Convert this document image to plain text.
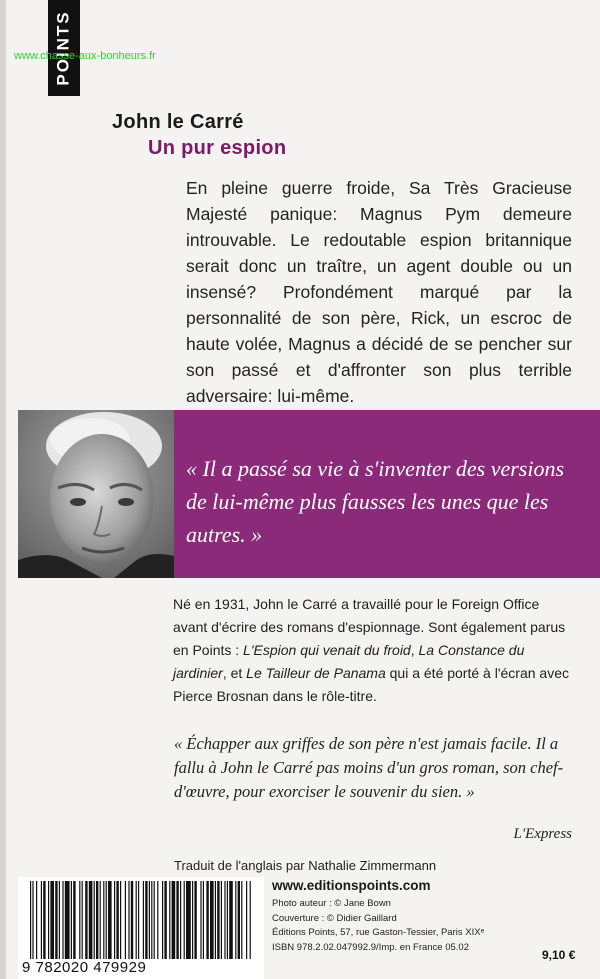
POINTS
www.chasse-aux-bonheurs.fr
John le Carré
Un pur espion

En pleine guerre froide, Sa Très Gracieuse Majesté panique: Magnus Pym demeure introuvable. Le redoutable espion britannique serait donc un traître, un agent double ou un insensé? Profondément marqué par la personnalité de son père, Rick, un escroc de haute volée, Magnus a décidé de se pencher sur son passé et d'affronter son plus terrible adversaire: lui-même.

« Il a passé sa vie à s'inventer des versions de lui-même plus fausses les unes que les autres. »

Né en 1931, John le Carré a travaillé pour le Foreign Office avant d'écrire des romans d'espionnage. Sont également parus en Points : L'Espion qui venait du froid, La Constance du jardinier, et Le Tailleur de Panama qui a été porté à l'écran avec Pierce Brosnan dans le rôle-titre.

« Échapper aux griffes de son père n'est jamais facile. Il a fallu à John le Carré pas moins d'un gros roman, son chef-d'œuvre, pour exorciser le souvenir du sien. »

L'Express
Traduit de l'anglais par Nathalie Zimmermann
9 782020 479929
www.editionspoints.com
Photo auteur : © Jane Bown
Couverture : © Didier Gaillard
Éditions Points, 57, rue Gaston-Tessier, Paris XIXᵉ
ISBN 978.2.02.047992.9/Imp. en France 05.02
9,10 €
